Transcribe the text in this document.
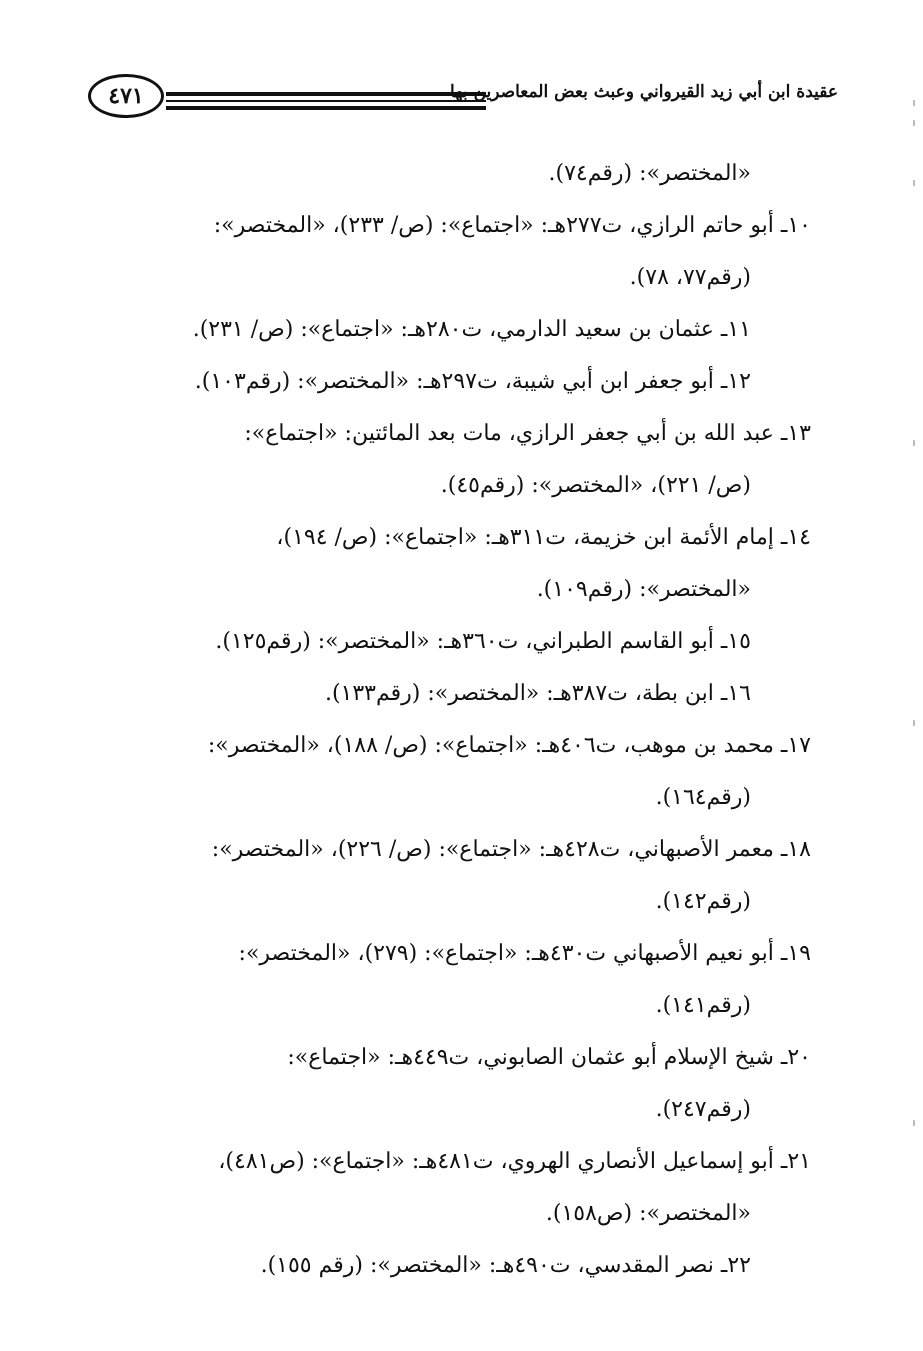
٤٧١	عقيدة ابن أبي زيد القيرواني وعبث بعض المعاصرين بها

«المختصر»: (رقم٧٤).

١٠ـ أبو حاتم الرازي، ت٢٧٧هـ: «اجتماع»: (ص/ ٢٣٣)، «المختصر»:

(رقم٧٧، ٧٨).

١١ـ عثمان بن سعيد الدارمي، ت٢٨٠هـ: «اجتماع»: (ص/ ٢٣١).

١٢ـ أبو جعفر ابن أبي شيبة، ت٢٩٧هـ: «المختصر»: (رقم١٠٣).

١٣ـ عبد الله بن أبي جعفر الرازي، مات بعد المائتين: «اجتماع»:

(ص/ ٢٢١)، «المختصر»: (رقم٤٥).

١٤ـ إمام الأئمة ابن خزيمة، ت٣١١هـ: «اجتماع»: (ص/ ١٩٤)،

«المختصر»: (رقم١٠٩).

١٥ـ أبو القاسم الطبراني، ت٣٦٠هـ: «المختصر»: (رقم١٢٥).

١٦ـ ابن بطة، ت٣٨٧هـ: «المختصر»: (رقم١٣٣).

١٧ـ محمد بن موهب، ت٤٠٦هـ: «اجتماع»: (ص/ ١٨٨)، «المختصر»:

(رقم١٦٤).

١٨ـ معمر الأصبهاني، ت٤٢٨هـ: «اجتماع»: (ص/ ٢٢٦)، «المختصر»:

(رقم١٤٢).

١٩ـ أبو نعيم الأصبهاني ت٤٣٠هـ: «اجتماع»: (٢٧٩)، «المختصر»:

(رقم١٤١).

٢٠ـ شيخ الإسلام أبو عثمان الصابوني، ت٤٤٩هـ: «اجتماع»:

(رقم٢٤٧).

٢١ـ أبو إسماعيل الأنصاري الهروي، ت٤٨١هـ: «اجتماع»: (ص٤٨١)،

«المختصر»: (ص١٥٨).

٢٢ـ نصر المقدسي، ت٤٩٠هـ: «المختصر»: (رقم ١٥٥).
